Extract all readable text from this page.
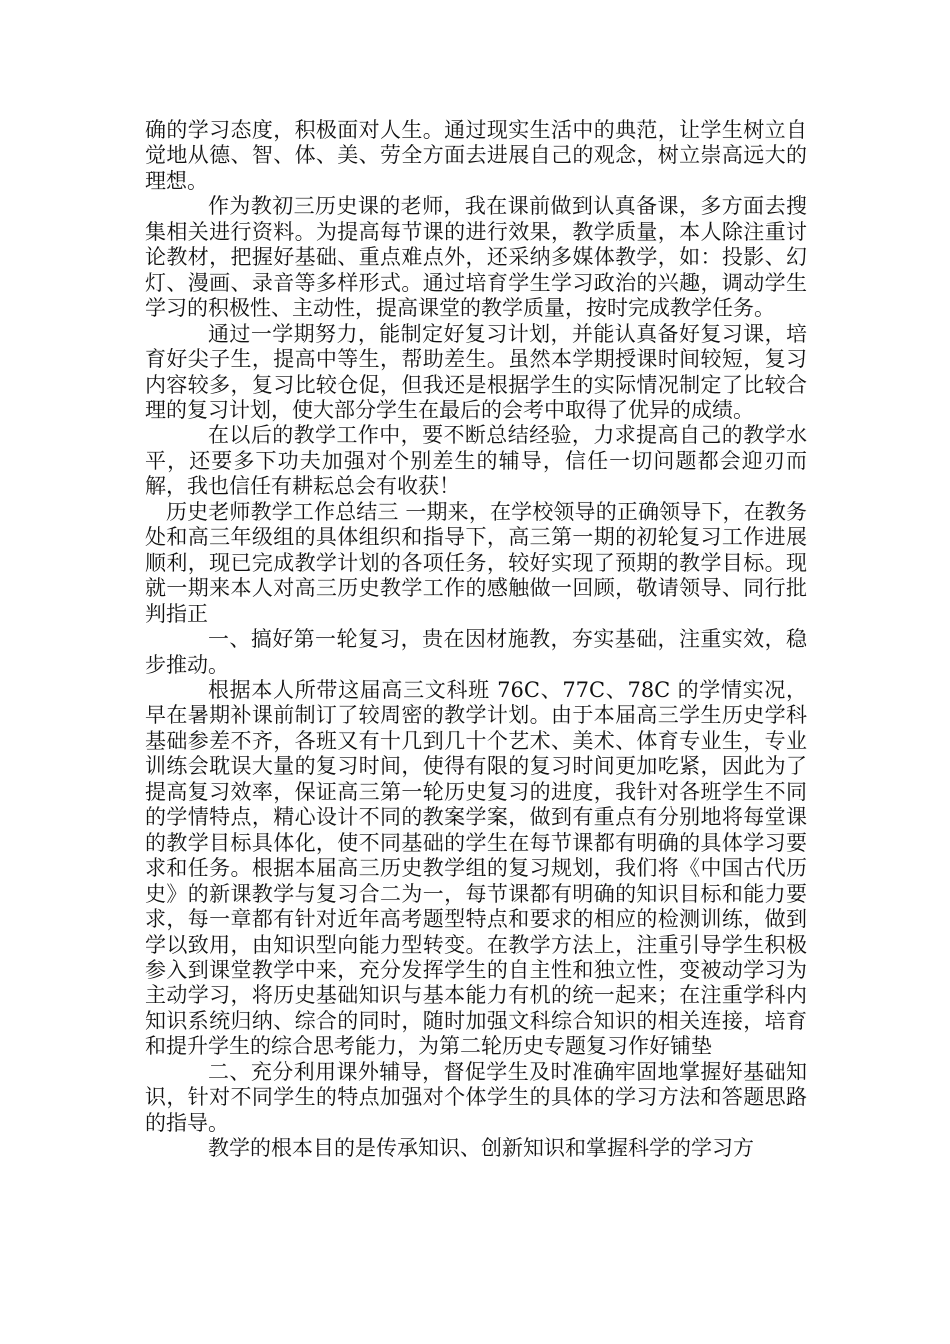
确的学习态度，积极面对人生。通过现实生活中的典范，让学生树立自觉地从德、智、体、美、劳全方面去进展自己的观念，树立崇高远大的理想。

作为教初三历史课的老师，我在课前做到认真备课，多方面去搜集相关进行资料。为提高每节课的进行效果，教学质量，本人除注重讨论教材，把握好基础、重点难点外，还采纳多媒体教学，如：投影、幻灯、漫画、录音等多样形式。通过培育学生学习政治的兴趣，调动学生学习的积极性、主动性，提高课堂的教学质量，按时完成教学任务。

通过一学期努力，能制定好复习计划，并能认真备好复习课，培育好尖子生，提高中等生，帮助差生。虽然本学期授课时间较短，复习内容较多，复习比较仓促，但我还是根据学生的实际情况制定了比较合理的复习计划，使大部分学生在最后的会考中取得了优异的成绩。

在以后的教学工作中，要不断总结经验，力求提高自己的教学水平，还要多下功夫加强对个别差生的辅导，信任一切问题都会迎刃而解，我也信任有耕耘总会有收获！

历史老师教学工作总结三 一期来，在学校领导的正确领导下，在教务处和高三年级组的具体组织和指导下，高三第一期的初轮复习工作进展顺利，现已完成教学计划的各项任务，较好实现了预期的教学目标。现就一期来本人对高三历史教学工作的感触做一回顾，敬请领导、同行批判指正

一、搞好第一轮复习，贵在因材施教，夯实基础，注重实效，稳步推动。

根据本人所带这届高三文科班 76C、77C、78C 的学情实况，早在暑期补课前制订了较周密的教学计划。由于本届高三学生历史学科基础参差不齐，各班又有十几到几十个艺术、美术、体育专业生，专业训练会耽误大量的复习时间，使得有限的复习时间更加吃紧，因此为了提高复习效率，保证高三第一轮历史复习的进度，我针对各班学生不同的学情特点，精心设计不同的教案学案，做到有重点有分别地将每堂课的教学目标具体化，使不同基础的学生在每节课都有明确的具体学习要求和任务。根据本届高三历史教学组的复习规划，我们将《中国古代历史》的新课教学与复习合二为一，每节课都有明确的知识目标和能力要求，每一章都有针对近年高考题型特点和要求的相应的检测训练，做到学以致用，由知识型向能力型转变。在教学方法上，注重引导学生积极参入到课堂教学中来，充分发挥学生的自主性和独立性，变被动学习为主动学习，将历史基础知识与基本能力有机的统一起来；在注重学科内知识系统归纳、综合的同时，随时加强文科综合知识的相关连接，培育和提升学生的综合思考能力，为第二轮历史专题复习作好铺垫

二、充分利用课外辅导，督促学生及时准确牢固地掌握好基础知识，针对不同学生的特点加强对个体学生的具体的学习方法和答题思路的指导。

教学的根本目的是传承知识、创新知识和掌握科学的学习方
